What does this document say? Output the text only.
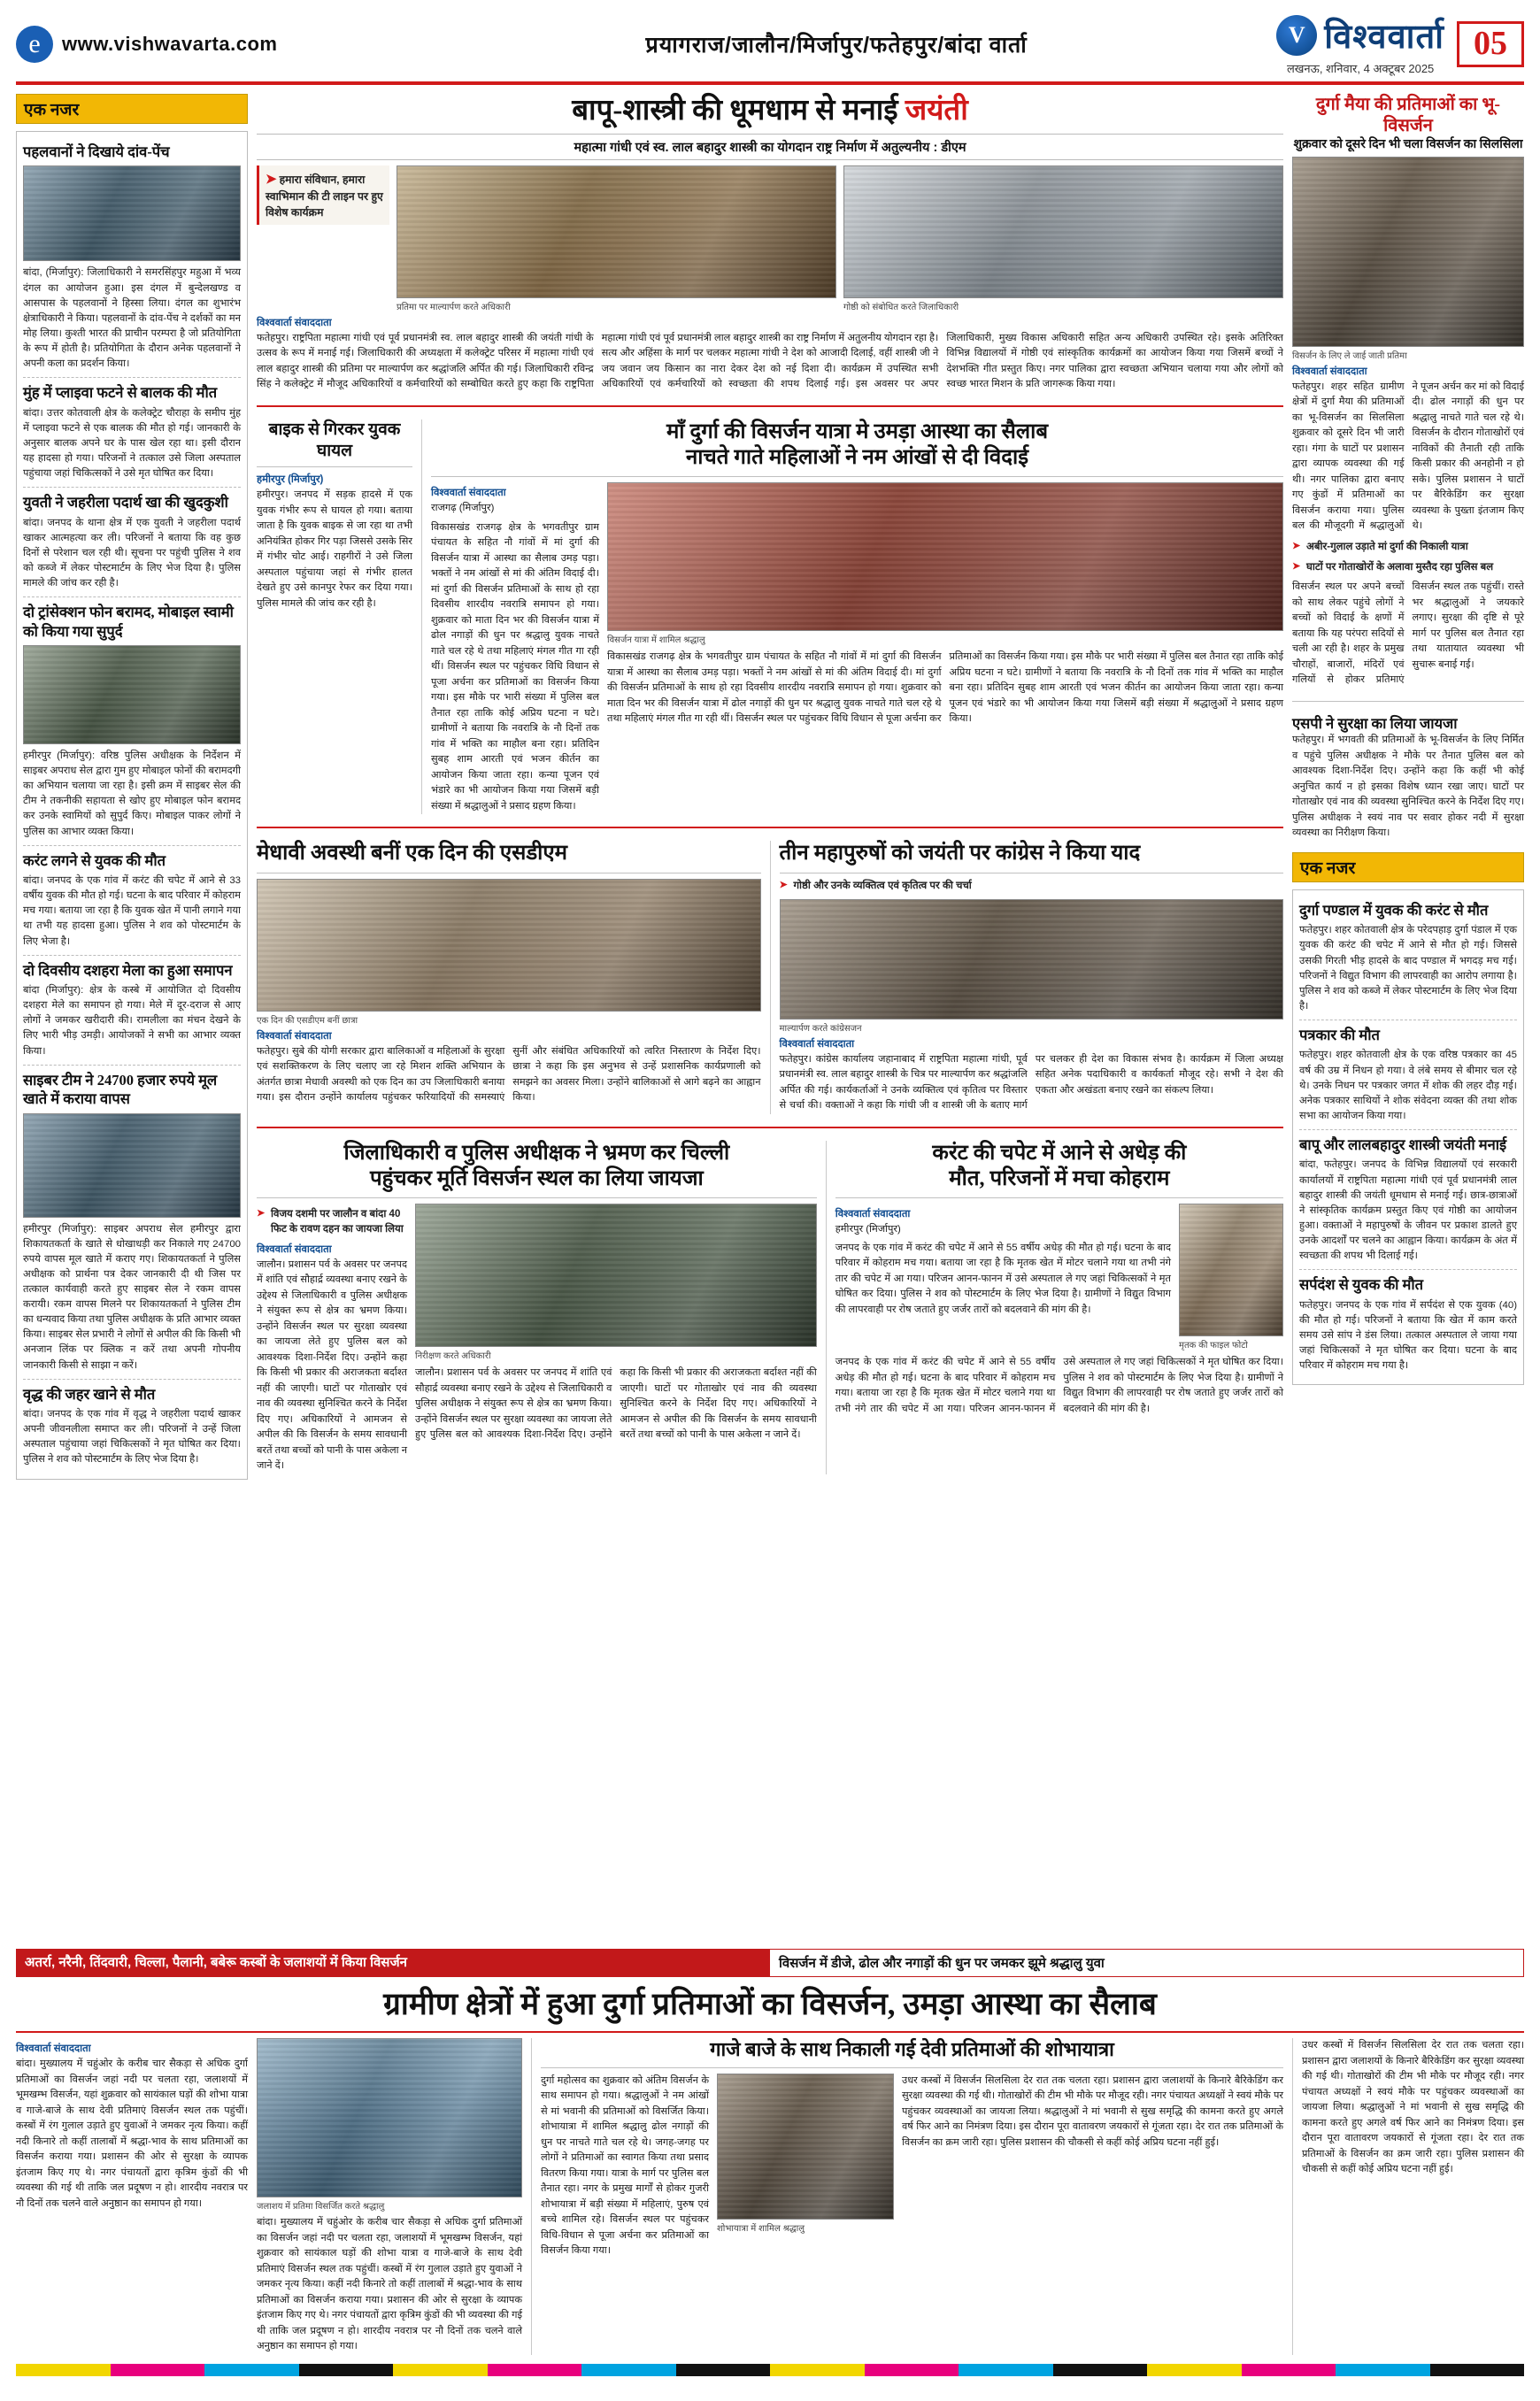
e	www.vishwavarta.com	प्रयागराज/जालौन/मिर्जापुर/फतेहपुर/बांदा वार्ता	V विश्ववार्ता
लखनऊ, शनिवार, 4 अक्टूबर 2025
05
एक नजर
पहलवानों ने दिखाये दांव-पेंच
बांदा, (मिर्जापुर): जिलाधिकारी ने समरसिंहपुर महुआ में भव्य दंगल का आयोजन हुआ। इस दंगल में बुन्देलखण्ड व आसपास के पहलवानों ने हिस्सा लिया। दंगल का शुभारंभ क्षेत्राधिकारी ने किया। पहलवानों के दांव-पेंच ने दर्शकों का मन मोह लिया। कुश्ती भारत की प्राचीन परम्परा है जो प्रतियोगिता के रूप में होती है। प्रतियोगिता के दौरान अनेक पहलवानों ने अपनी कला का प्रदर्शन किया।
मुंह में प्लाइवा फटने से बालक की मौत
बांदा। उत्तर कोतवाली क्षेत्र के कलेक्ट्रेट चौराहा के समीप मुंह में प्लाइवा फटने से एक बालक की मौत हो गई। जानकारी के अनुसार बालक अपने घर के पास खेल रहा था। इसी दौरान यह हादसा हो गया। परिजनों ने तत्काल उसे जिला अस्पताल पहुंचाया जहां चिकित्सकों ने उसे मृत घोषित कर दिया।
युवती ने जहरीला पदार्थ खा की खुदकुशी
बांदा। जनपद के थाना क्षेत्र में एक युवती ने जहरीला पदार्थ खाकर आत्महत्या कर ली। परिजनों ने बताया कि वह कुछ दिनों से परेशान चल रही थी। सूचना पर पहुंची पुलिस ने शव को कब्जे में लेकर पोस्टमार्टम के लिए भेज दिया है। पुलिस मामले की जांच कर रही है।
दो ट्रांसेक्शन फोन बरामद, मोबाइल स्वामी को किया गया सुपुर्द
हमीरपुर (मिर्जापुर): वरिष्ठ पुलिस अधीक्षक के निर्देशन में साइबर अपराध सेल द्वारा गुम हुए मोबाइल फोनों की बरामदगी का अभियान चलाया जा रहा है। इसी क्रम में साइबर सेल की टीम ने तकनीकी सहायता से खोए हुए मोबाइल फोन बरामद कर उनके स्वामियों को सुपुर्द किए। मोबाइल पाकर लोगों ने पुलिस का आभार व्यक्त किया।
करंट लगने से युवक की मौत
बांदा। जनपद के एक गांव में करंट की चपेट में आने से 33 वर्षीय युवक की मौत हो गई। घटना के बाद परिवार में कोहराम मच गया। बताया जा रहा है कि युवक खेत में पानी लगाने गया था तभी यह हादसा हुआ। पुलिस ने शव को पोस्टमार्टम के लिए भेजा है।
दो दिवसीय दशहरा मेला का हुआ समापन
बांदा (मिर्जापुर): क्षेत्र के कस्बे में आयोजित दो दिवसीय दशहरा मेले का समापन हो गया। मेले में दूर-दराज से आए लोगों ने जमकर खरीदारी की। रामलीला का मंचन देखने के लिए भारी भीड़ उमड़ी। आयोजकों ने सभी का आभार व्यक्त किया।
साइबर टीम ने 24700 हजार रुपये मूल खाते में कराया वापस
हमीरपुर (मिर्जापुर): साइबर अपराध सेल हमीरपुर द्वारा शिकायतकर्ता के खाते से धोखाधड़ी कर निकाले गए 24700 रुपये वापस मूल खाते में कराए गए। शिकायतकर्ता ने पुलिस अधीक्षक को प्रार्थना पत्र देकर जानकारी दी थी जिस पर तत्काल कार्यवाही करते हुए साइबर सेल ने रकम वापस करायी। रकम वापस मिलने पर शिकायतकर्ता ने पुलिस टीम का धन्यवाद किया तथा पुलिस अधीक्षक के प्रति आभार व्यक्त किया। साइबर सेल प्रभारी ने लोगों से अपील की कि किसी भी अनजान लिंक पर क्लिक न करें तथा अपनी गोपनीय जानकारी किसी से साझा न करें।
वृद्ध की जहर खाने से मौत
बांदा। जनपद के एक गांव में वृद्ध ने जहरीला पदार्थ खाकर अपनी जीवनलीला समाप्त कर ली। परिजनों ने उन्हें जिला अस्पताल पहुंचाया जहां चिकित्सकों ने मृत घोषित कर दिया। पुलिस ने शव को पोस्टमार्टम के लिए भेज दिया है।
बापू-शास्त्री की धूमधाम से मनाई जयंती
महात्मा गांधी एवं स्व. लाल बहादुर शास्त्री का योगदान राष्ट्र निर्माण में अतुल्यनीय : डीएम
➤ हमारा संविधान, हमारा स्वाभिमान की टी लाइन पर हुए विशेष कार्यक्रम
प्रतिमा पर माल्यार्पण करते अधिकारी	गोष्ठी को संबोधित करते जिलाधिकारी
विश्ववार्ता संवाददाता
फतेहपुर। राष्ट्रपिता महात्मा गांधी एवं पूर्व प्रधानमंत्री स्व. लाल बहादुर शास्त्री की जयंती गांधी के उत्सव के रूप में मनाई गई। जिलाधिकारी की अध्यक्षता में कलेक्ट्रेट परिसर में महात्मा गांधी एवं लाल बहादुर शास्त्री की प्रतिमा पर माल्यार्पण कर श्रद्धांजलि अर्पित की गई। जिलाधिकारी रविन्द्र सिंह ने कलेक्ट्रेट में मौजूद अधिकारियों व कर्मचारियों को सम्बोधित करते हुए कहा कि राष्ट्रपिता महात्मा गांधी एवं पूर्व प्रधानमंत्री लाल बहादुर शास्त्री का राष्ट्र निर्माण में अतुलनीय योगदान रहा है। सत्य और अहिंसा के मार्ग पर चलकर महात्मा गांधी ने देश को आजादी दिलाई, वहीं शास्त्री जी ने जय जवान जय किसान का नारा देकर देश को नई दिशा दी। कार्यक्रम में उपस्थित सभी अधिकारियों एवं कर्मचारियों को स्वच्छता की शपथ दिलाई गई। इस अवसर पर अपर जिलाधिकारी, मुख्य विकास अधिकारी सहित अन्य अधिकारी उपस्थित रहे। इसके अतिरिक्त विभिन्न विद्यालयों में गोष्ठी एवं सांस्कृतिक कार्यक्रमों का आयोजन किया गया जिसमें बच्चों ने देशभक्ति गीत प्रस्तुत किए। नगर पालिका द्वारा स्वच्छता अभियान चलाया गया और लोगों को स्वच्छ भारत मिशन के प्रति जागरूक किया गया।
बाइक से गिरकर युवक घायल
हमीरपुर (मिर्जापुर)
हमीरपुर। जनपद में सड़क हादसे में एक युवक गंभीर रूप से घायल हो गया। बताया जाता है कि युवक बाइक से जा रहा था तभी अनियंत्रित होकर गिर पड़ा जिससे उसके सिर में गंभीर चोट आई। राहगीरों ने उसे जिला अस्पताल पहुंचाया जहां से गंभीर हालत देखते हुए उसे कानपुर रेफर कर दिया गया। पुलिस मामले की जांच कर रही है।
माँ दुर्गा की विसर्जन यात्रा मे उमड़ा आस्था का सैलाब
नाचते गाते महिलाओं ने नम आंखों से दी विदाई
विश्ववार्ता संवाददाता
राजगढ़ (मिर्जापुर)
विकासखंड राजगढ़ क्षेत्र के भगवतीपुर ग्राम पंचायत के सहित नौ गांवों में मां दुर्गा की विसर्जन यात्रा में आस्था का सैलाब उमड़ पड़ा। भक्तों ने नम आंखों से मां की अंतिम विदाई दी। मां दुर्गा की विसर्जन प्रतिमाओं के साथ हो रहा दिवसीय शारदीय नवरात्रि समापन हो गया। शुक्रवार को माता दिन भर की विसर्जन यात्रा में ढोल नगाड़ों की धुन पर श्रद्धालु युवक नाचते गाते चल रहे थे तथा महिलाएं मंगल गीत गा रही थीं। विसर्जन स्थल पर पहुंचकर विधि विधान से पूजा अर्चना कर प्रतिमाओं का विसर्जन किया गया। इस मौके पर भारी संख्या में पुलिस बल तैनात रहा ताकि कोई अप्रिय घटना न घटे। ग्रामीणों ने बताया कि नवरात्रि के नौ दिनों तक गांव में भक्ति का माहौल बना रहा। प्रतिदिन सुबह शाम आरती एवं भजन कीर्तन का आयोजन किया जाता रहा। कन्या पूजन एवं भंडारे का भी आयोजन किया गया जिसमें बड़ी संख्या में श्रद्धालुओं ने प्रसाद ग्रहण किया।
विसर्जन यात्रा में शामिल श्रद्धालु
विकासखंड राजगढ़ क्षेत्र के भगवतीपुर ग्राम पंचायत के सहित नौ गांवों में मां दुर्गा की विसर्जन यात्रा में आस्था का सैलाब उमड़ पड़ा। भक्तों ने नम आंखों से मां की अंतिम विदाई दी। मां दुर्गा की विसर्जन प्रतिमाओं के साथ हो रहा दिवसीय शारदीय नवरात्रि समापन हो गया। शुक्रवार को माता दिन भर की विसर्जन यात्रा में ढोल नगाड़ों की धुन पर श्रद्धालु युवक नाचते गाते चल रहे थे तथा महिलाएं मंगल गीत गा रही थीं। विसर्जन स्थल पर पहुंचकर विधि विधान से पूजा अर्चना कर प्रतिमाओं का विसर्जन किया गया। इस मौके पर भारी संख्या में पुलिस बल तैनात रहा ताकि कोई अप्रिय घटना न घटे। ग्रामीणों ने बताया कि नवरात्रि के नौ दिनों तक गांव में भक्ति का माहौल बना रहा। प्रतिदिन सुबह शाम आरती एवं भजन कीर्तन का आयोजन किया जाता रहा। कन्या पूजन एवं भंडारे का भी आयोजन किया गया जिसमें बड़ी संख्या में श्रद्धालुओं ने प्रसाद ग्रहण किया।
मेधावी अवस्थी बनीं एक दिन की एसडीएम
एक दिन की एसडीएम बनीं छात्रा
विश्ववार्ता संवाददाता
फतेहपुर। सुबे की योगी सरकार द्वारा बालिकाओं व महिलाओं के सुरक्षा एवं सशक्तिकरण के लिए चलाए जा रहे मिशन शक्ति अभियान के अंतर्गत छात्रा मेधावी अवस्थी को एक दिन का उप जिलाधिकारी बनाया गया। इस दौरान उन्होंने कार्यालय पहुंचकर फरियादियों की समस्याएं सुनीं और संबंधित अधिकारियों को त्वरित निस्तारण के निर्देश दिए। छात्रा ने कहा कि इस अनुभव से उन्हें प्रशासनिक कार्यप्रणाली को समझने का अवसर मिला। उन्होंने बालिकाओं से आगे बढ़ने का आह्वान किया।
तीन महापुरुषों को जयंती पर कांग्रेस ने किया याद
➤ गोष्ठी और उनके व्यक्तित्व एवं कृतित्व पर की चर्चा
माल्यार्पण करते कांग्रेसजन
विश्ववार्ता संवाददाता
फतेहपुर। कांग्रेस कार्यालय जहानाबाद में राष्ट्रपिता महात्मा गांधी, पूर्व प्रधानमंत्री स्व. लाल बहादुर शास्त्री के चित्र पर माल्यार्पण कर श्रद्धांजलि अर्पित की गई। कार्यकर्ताओं ने उनके व्यक्तित्व एवं कृतित्व पर विस्तार से चर्चा की। वक्ताओं ने कहा कि गांधी जी व शास्त्री जी के बताए मार्ग पर चलकर ही देश का विकास संभव है। कार्यक्रम में जिला अध्यक्ष सहित अनेक पदाधिकारी व कार्यकर्ता मौजूद रहे। सभी ने देश की एकता और अखंडता बनाए रखने का संकल्प लिया।
जिलाधिकारी व पुलिस अधीक्षक ने भ्रमण कर चिल्ली
पहुंचकर मूर्ति विसर्जन स्थल का लिया जायजा
➤ विजय दशमी पर जालौन व बांदा 40 फिट के रावण दहन का जायजा लिया
विश्ववार्ता संवाददाता
जालौन। प्रशासन पर्व के अवसर पर जनपद में शांति एवं सौहार्द्र व्यवस्था बनाए रखने के उद्देश्य से जिलाधिकारी व पुलिस अधीक्षक ने संयुक्त रूप से क्षेत्र का भ्रमण किया। उन्होंने विसर्जन स्थल पर सुरक्षा व्यवस्था का जायजा लेते हुए पुलिस बल को आवश्यक दिशा-निर्देश दिए। उन्होंने कहा कि किसी भी प्रकार की अराजकता बर्दाश्त नहीं की जाएगी। घाटों पर गोताखोर एवं नाव की व्यवस्था सुनिश्चित करने के निर्देश दिए गए। अधिकारियों ने आमजन से अपील की कि विसर्जन के समय सावधानी बरतें तथा बच्चों को पानी के पास अकेला न जाने दें।
निरीक्षण करते अधिकारी
जालौन। प्रशासन पर्व के अवसर पर जनपद में शांति एवं सौहार्द्र व्यवस्था बनाए रखने के उद्देश्य से जिलाधिकारी व पुलिस अधीक्षक ने संयुक्त रूप से क्षेत्र का भ्रमण किया। उन्होंने विसर्जन स्थल पर सुरक्षा व्यवस्था का जायजा लेते हुए पुलिस बल को आवश्यक दिशा-निर्देश दिए। उन्होंने कहा कि किसी भी प्रकार की अराजकता बर्दाश्त नहीं की जाएगी। घाटों पर गोताखोर एवं नाव की व्यवस्था सुनिश्चित करने के निर्देश दिए गए। अधिकारियों ने आमजन से अपील की कि विसर्जन के समय सावधानी बरतें तथा बच्चों को पानी के पास अकेला न जाने दें।
करंट की चपेट में आने से अधेड़ की
मौत, परिजनों में मचा कोहराम
विश्ववार्ता संवाददाता
हमीरपुर (मिर्जापुर)
जनपद के एक गांव में करंट की चपेट में आने से 55 वर्षीय अधेड़ की मौत हो गई। घटना के बाद परिवार में कोहराम मच गया। बताया जा रहा है कि मृतक खेत में मोटर चलाने गया था तभी नंगे तार की चपेट में आ गया। परिजन आनन-फानन में उसे अस्पताल ले गए जहां चिकित्सकों ने मृत घोषित कर दिया। पुलिस ने शव को पोस्टमार्टम के लिए भेज दिया है। ग्रामीणों ने विद्युत विभाग की लापरवाही पर रोष जताते हुए जर्जर तारों को बदलवाने की मांग की है।
मृतक की फाइल फोटो
जनपद के एक गांव में करंट की चपेट में आने से 55 वर्षीय अधेड़ की मौत हो गई। घटना के बाद परिवार में कोहराम मच गया। बताया जा रहा है कि मृतक खेत में मोटर चलाने गया था तभी नंगे तार की चपेट में आ गया। परिजन आनन-फानन में उसे अस्पताल ले गए जहां चिकित्सकों ने मृत घोषित कर दिया। पुलिस ने शव को पोस्टमार्टम के लिए भेज दिया है। ग्रामीणों ने विद्युत विभाग की लापरवाही पर रोष जताते हुए जर्जर तारों को बदलवाने की मांग की है।
दुर्गा मैया की प्रतिमाओं का भू-विसर्जन
शुक्रवार को दूसरे दिन भी चला विसर्जन का सिलसिला
विसर्जन के लिए ले जाई जाती प्रतिमा
विश्ववार्ता संवाददाता
फतेहपुर। शहर सहित ग्रामीण क्षेत्रों में दुर्गा मैया की प्रतिमाओं का भू-विसर्जन का सिलसिला शुक्रवार को दूसरे दिन भी जारी रहा। गंगा के घाटों पर प्रशासन द्वारा व्यापक व्यवस्था की गई थी। नगर पालिका द्वारा बनाए गए कुंडों में प्रतिमाओं का विसर्जन कराया गया। पुलिस बल की मौजूदगी में श्रद्धालुओं ने पूजन अर्चन कर मां को विदाई दी। ढोल नगाड़ों की धुन पर श्रद्धालु नाचते गाते चल रहे थे। विसर्जन के दौरान गोताखोरों एवं नाविकों की तैनाती रही ताकि किसी प्रकार की अनहोनी न हो सके। पुलिस प्रशासन ने घाटों पर बैरिकेडिंग कर सुरक्षा व्यवस्था के पुख्ता इंतजाम किए थे।
➤ अबीर-गुलाल उड़ाते मां दुर्गा की निकाली यात्रा
➤ घाटों पर गोताखोरों के अलावा मुस्तैद रहा पुलिस बल
विसर्जन स्थल पर अपने बच्चों को साथ लेकर पहुंचे लोगों ने बच्चों को विदाई के क्षणों में बताया कि यह परंपरा सदियों से चली आ रही है। शहर के प्रमुख चौराहों, बाजारों, मंदिरों एवं गलियों से होकर प्रतिमाएं विसर्जन स्थल तक पहुंचीं। रास्ते भर श्रद्धालुओं ने जयकारे लगाए। सुरक्षा की दृष्टि से पूरे मार्ग पर पुलिस बल तैनात रहा तथा यातायात व्यवस्था भी सुचारू बनाई गई।
एसपी ने सुरक्षा का लिया जायजा
फतेहपुर। में भगवती की प्रतिमाओं के भू-विसर्जन के लिए निर्मित व पहुंचे पुलिस अधीक्षक ने मौके पर तैनात पुलिस बल को आवश्यक दिशा-निर्देश दिए। उन्होंने कहा कि कहीं भी कोई अनुचित कार्य न हो इसका विशेष ध्यान रखा जाए। घाटों पर गोताखोर एवं नाव की व्यवस्था सुनिश्चित करने के निर्देश दिए गए। पुलिस अधीक्षक ने स्वयं नाव पर सवार होकर नदी में सुरक्षा व्यवस्था का निरीक्षण किया।
एक नजर
दुर्गा पण्डाल में युवक की करंट से मौत
फतेहपुर। शहर कोतवाली क्षेत्र के परेदपहाड़ दुर्गा पंडाल में एक युवक की करंट की चपेट में आने से मौत हो गई। जिससे उसकी गिरती भीड़ हादसे के बाद पण्डाल में भगदड़ मच गई। परिजनों ने विद्युत विभाग की लापरवाही का आरोप लगाया है। पुलिस ने शव को कब्जे में लेकर पोस्टमार्टम के लिए भेज दिया है।
पत्रकार की मौत
फतेहपुर। शहर कोतवाली क्षेत्र के एक वरिष्ठ पत्रकार का 45 वर्ष की उम्र में निधन हो गया। वे लंबे समय से बीमार चल रहे थे। उनके निधन पर पत्रकार जगत में शोक की लहर दौड़ गई। अनेक पत्रकार साथियों ने शोक संवेदना व्यक्त की तथा शोक सभा का आयोजन किया गया।
बापू और लालबहादुर शास्त्री जयंती मनाई
बांदा, फतेहपुर। जनपद के विभिन्न विद्यालयों एवं सरकारी कार्यालयों में राष्ट्रपिता महात्मा गांधी एवं पूर्व प्रधानमंत्री लाल बहादुर शास्त्री की जयंती धूमधाम से मनाई गई। छात्र-छात्राओं ने सांस्कृतिक कार्यक्रम प्रस्तुत किए एवं गोष्ठी का आयोजन हुआ। वक्ताओं ने महापुरुषों के जीवन पर प्रकाश डालते हुए उनके आदर्शों पर चलने का आह्वान किया। कार्यक्रम के अंत में स्वच्छता की शपथ भी दिलाई गई।
सर्पदंश से युवक की मौत
फतेहपुर। जनपद के एक गांव में सर्पदंश से एक युवक (40) की मौत हो गई। परिजनों ने बताया कि खेत में काम करते समय उसे सांप ने डंस लिया। तत्काल अस्पताल ले जाया गया जहां चिकित्सकों ने मृत घोषित कर दिया। घटना के बाद परिवार में कोहराम मच गया है।
अतर्रा, नरैनी, तिंदवारी, चिल्ला, पैलानी, बबेरू कस्बों के जलाशयों में किया विसर्जन	विसर्जन में डीजे, ढोल और नगाड़ों की धुन पर जमकर झूमे श्रद्धालु युवा
ग्रामीण क्षेत्रों में हुआ दुर्गा प्रतिमाओं का विसर्जन, उमड़ा आस्था का सैलाब
विश्ववार्ता संवाददाता
बांदा। मुख्यालय में चहुंओर के करीब चार सैकड़ा से अधिक दुर्गा प्रतिमाओं का विसर्जन जहां नदी पर चलता रहा, जलाशयों में भूमखम्भ विसर्जन, यहां शुक्रवार को सायंकाल घड़ों की शोभा यात्रा व गाजे-बाजे के साथ देवी प्रतिमाएं विसर्जन स्थल तक पहुंचीं। कस्बों में रंग गुलाल उड़ाते हुए युवाओं ने जमकर नृत्य किया। कहीं नदी किनारे तो कहीं तालाबों में श्रद्धा-भाव के साथ प्रतिमाओं का विसर्जन कराया गया। प्रशासन की ओर से सुरक्षा के व्यापक इंतजाम किए गए थे। नगर पंचायतों द्वारा कृत्रिम कुंडों की भी व्यवस्था की गई थी ताकि जल प्रदूषण न हो। शारदीय नवरात्र पर नौ दिनों तक चलने वाले अनुष्ठान का समापन हो गया।	जलाशय में प्रतिमा विसर्जित करते श्रद्धालु
बांदा। मुख्यालय में चहुंओर के करीब चार सैकड़ा से अधिक दुर्गा प्रतिमाओं का विसर्जन जहां नदी पर चलता रहा, जलाशयों में भूमखम्भ विसर्जन, यहां शुक्रवार को सायंकाल घड़ों की शोभा यात्रा व गाजे-बाजे के साथ देवी प्रतिमाएं विसर्जन स्थल तक पहुंचीं। कस्बों में रंग गुलाल उड़ाते हुए युवाओं ने जमकर नृत्य किया। कहीं नदी किनारे तो कहीं तालाबों में श्रद्धा-भाव के साथ प्रतिमाओं का विसर्जन कराया गया। प्रशासन की ओर से सुरक्षा के व्यापक इंतजाम किए गए थे। नगर पंचायतों द्वारा कृत्रिम कुंडों की भी व्यवस्था की गई थी ताकि जल प्रदूषण न हो। शारदीय नवरात्र पर नौ दिनों तक चलने वाले अनुष्ठान का समापन हो गया।
गाजे बाजे के साथ निकाली गई देवी प्रतिमाओं की शोभायात्रा
दुर्गा महोत्सव का शुक्रवार को अंतिम विसर्जन के साथ समापन हो गया। श्रद्धालुओं ने नम आंखों से मां भवानी की प्रतिमाओं को विसर्जित किया। शोभायात्रा में शामिल श्रद्धालु ढोल नगाड़ों की धुन पर नाचते गाते चल रहे थे। जगह-जगह पर लोगों ने प्रतिमाओं का स्वागत किया तथा प्रसाद वितरण किया गया। यात्रा के मार्ग पर पुलिस बल तैनात रहा। नगर के प्रमुख मार्गों से होकर गुजरी शोभायात्रा में बड़ी संख्या में महिलाएं, पुरुष एवं बच्चे शामिल रहे। विसर्जन स्थल पर पहुंचकर विधि-विधान से पूजा अर्चना कर प्रतिमाओं का विसर्जन किया गया।
शोभायात्रा में शामिल श्रद्धालु
उधर कस्बों में विसर्जन सिलसिला देर रात तक चलता रहा। प्रशासन द्वारा जलाशयों के किनारे बैरिकेडिंग कर सुरक्षा व्यवस्था की गई थी। गोताखोरों की टीम भी मौके पर मौजूद रही। नगर पंचायत अध्यक्षों ने स्वयं मौके पर पहुंचकर व्यवस्थाओं का जायजा लिया। श्रद्धालुओं ने मां भवानी से सुख समृद्धि की कामना करते हुए अगले वर्ष फिर आने का निमंत्रण दिया। इस दौरान पूरा वातावरण जयकारों से गूंजता रहा। देर रात तक प्रतिमाओं के विसर्जन का क्रम जारी रहा। पुलिस प्रशासन की चौकसी से कहीं कोई अप्रिय घटना नहीं हुई।
उधर कस्बों में विसर्जन सिलसिला देर रात तक चलता रहा। प्रशासन द्वारा जलाशयों के किनारे बैरिकेडिंग कर सुरक्षा व्यवस्था की गई थी। गोताखोरों की टीम भी मौके पर मौजूद रही। नगर पंचायत अध्यक्षों ने स्वयं मौके पर पहुंचकर व्यवस्थाओं का जायजा लिया। श्रद्धालुओं ने मां भवानी से सुख समृद्धि की कामना करते हुए अगले वर्ष फिर आने का निमंत्रण दिया। इस दौरान पूरा वातावरण जयकारों से गूंजता रहा। देर रात तक प्रतिमाओं के विसर्जन का क्रम जारी रहा। पुलिस प्रशासन की चौकसी से कहीं कोई अप्रिय घटना नहीं हुई।
